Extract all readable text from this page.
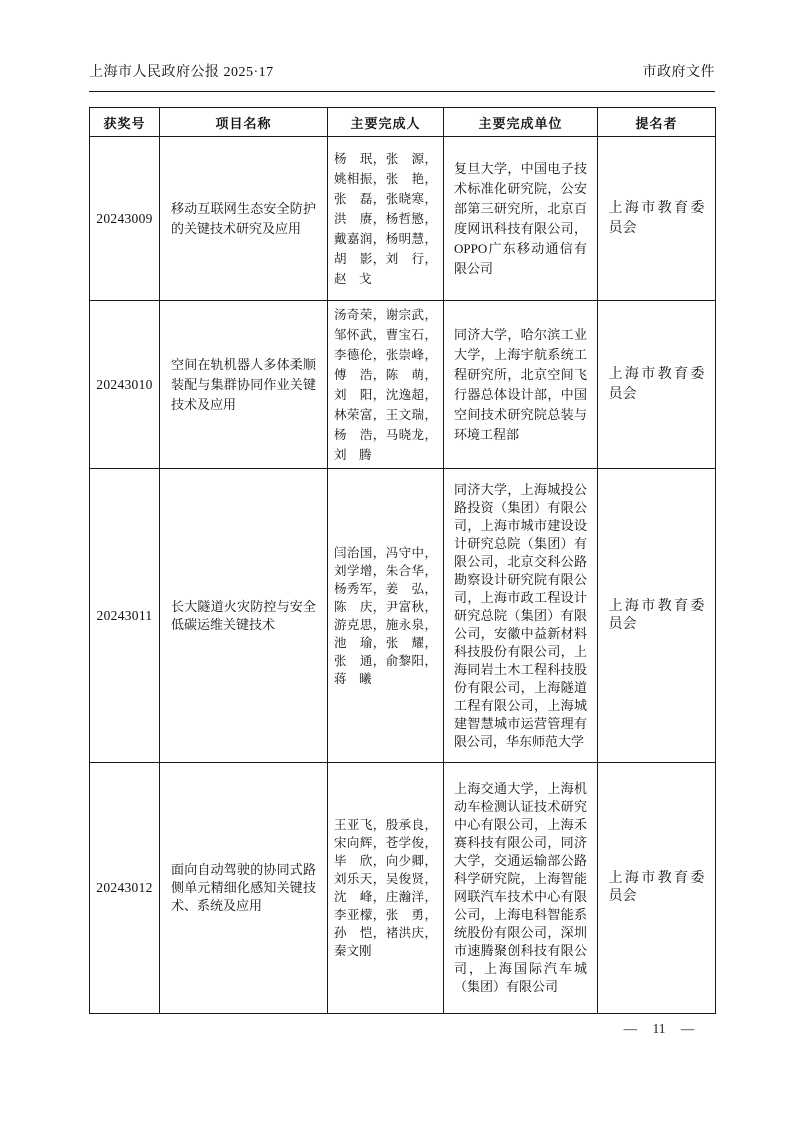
上海市人民政府公报 2025·17	市政府文件
获奖号	项目名称	主要完成人	主要完成单位	提名者

20243009	移动互联网生态安全防护的关键技术研究及应用	杨　珉，张　源，姚相振，张　艳，张　磊，张晓寒，洪　赓，杨哲慜，戴嘉润，杨明慧，胡　影，刘　行，赵　戈	复旦大学，中国电子技术标准化研究院，公安部第三研究所，北京百度网讯科技有限公司，OPPO广东移动通信有限公司	上海市教育委员会

20243010	空间在轨机器人多体柔顺装配与集群协同作业关键技术及应用	汤奇荣，谢宗武，邹怀武，曹宝石，李德伦，张崇峰，傅　浩，陈　萌，刘　阳，沈逸超，林荣富，王文瑞，杨　浩，马晓龙，刘　腾	同济大学，哈尔滨工业大学，上海宇航系统工程研究所，北京空间飞行器总体设计部，中国空间技术研究院总装与环境工程部	上海市教育委员会

20243011	长大隧道火灾防控与安全低碳运维关键技术	闫治国，冯守中，刘学增，朱合华，杨秀军，姜　弘，陈　庆，尹富秋，游克思，施永泉，池　瑜，张　耀，张　通，俞黎阳，蒋　曦	同济大学，上海城投公路投资（集团）有限公司，上海市城市建设设计研究总院（集团）有限公司，北京交科公路勘察设计研究院有限公司，上海市政工程设计研究总院（集团）有限公司，安徽中益新材料科技股份有限公司，上海同岩土木工程科技股份有限公司，上海隧道工程有限公司，上海城建智慧城市运营管理有限公司，华东师范大学	上海市教育委员会

20243012	面向自动驾驶的协同式路侧单元精细化感知关键技术、系统及应用	王亚飞，殷承良，宋向辉，苍学俊，毕　欣，向少卿，刘乐天，吴俊贤，沈　峰，庄瀚洋，李亚檬，张　勇，孙　恺，褚洪庆，秦文刚	上海交通大学，上海机动车检测认证技术研究中心有限公司，上海禾赛科技有限公司，同济大学，交通运输部公路科学研究院，上海智能网联汽车技术中心有限公司，上海电科智能系统股份有限公司，深圳市速腾聚创科技有限公司，上海国际汽车城（集团）有限公司	上海市教育委员会
— 11 —
